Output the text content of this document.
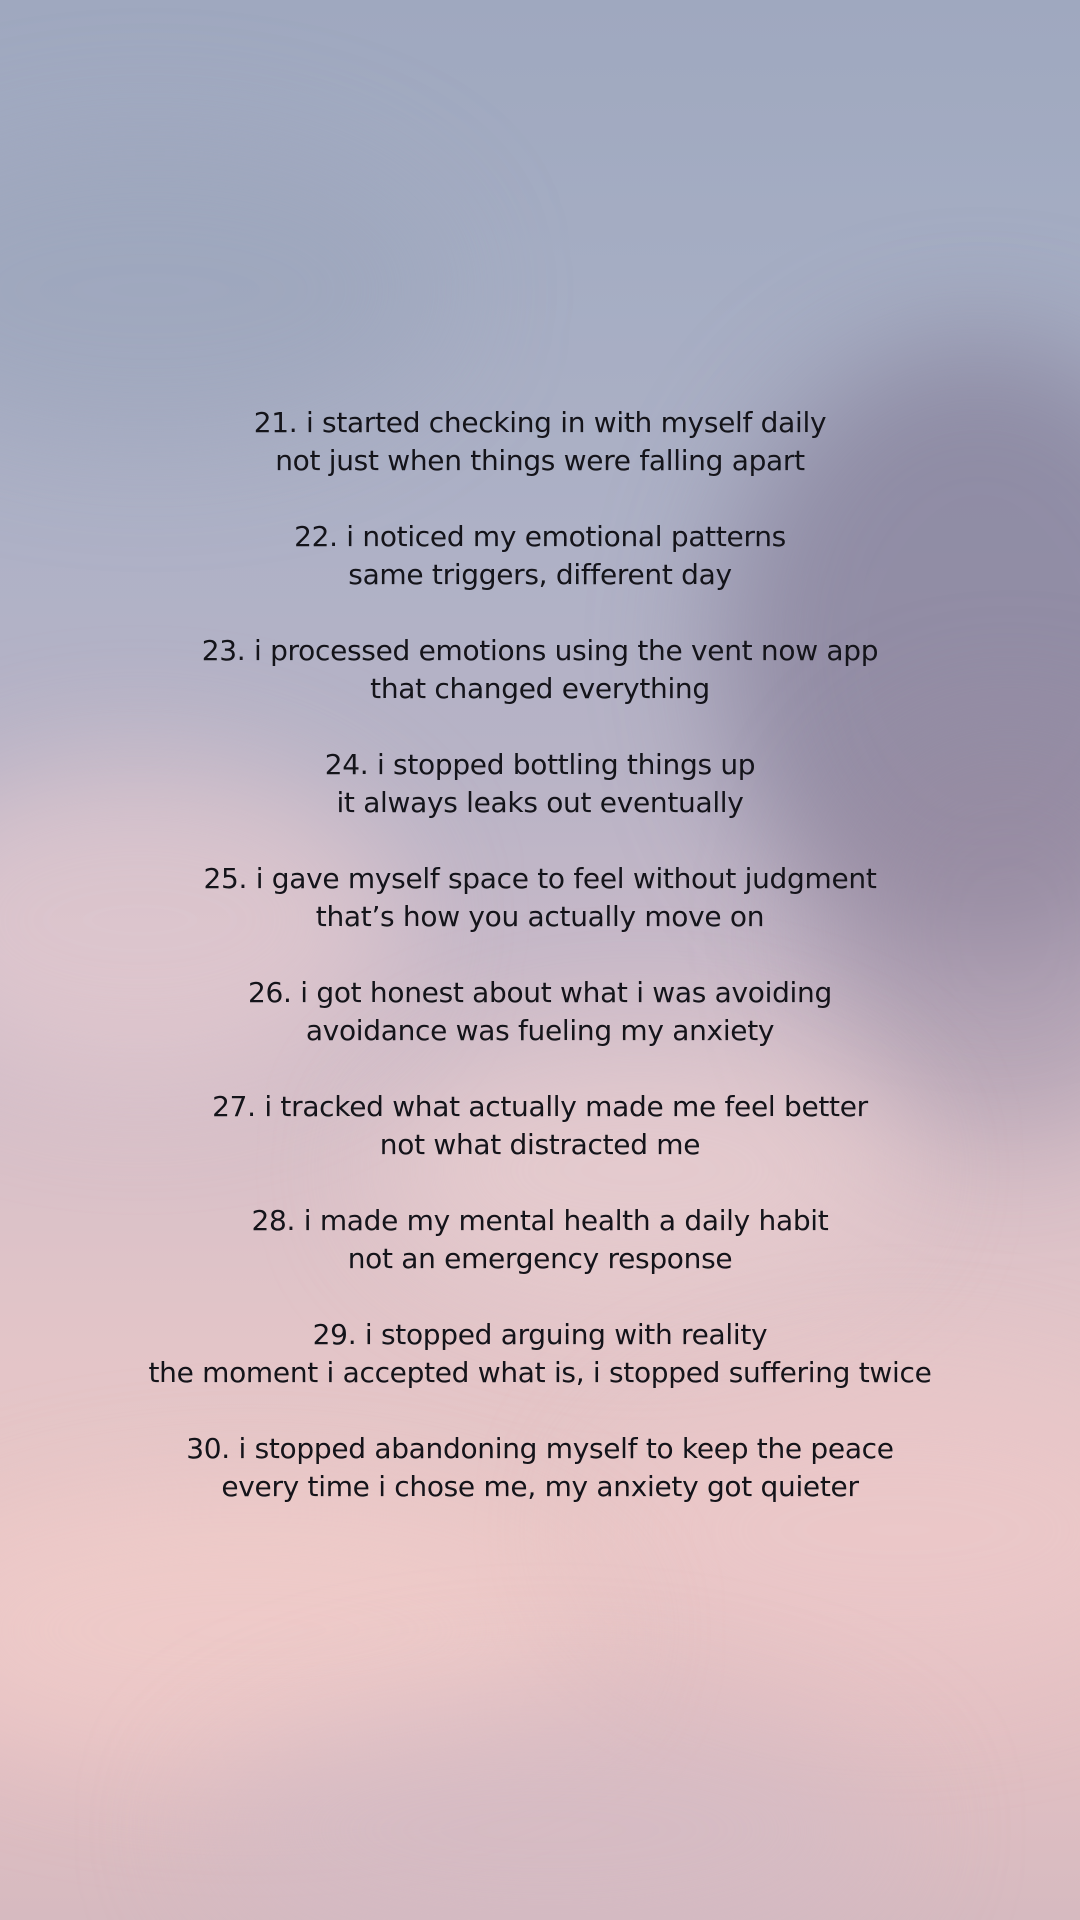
21. i started checking in with myself daily
not just when things were falling apart
22. i noticed my emotional patterns
same triggers, different day
23. i processed emotions using the vent now app
that changed everything
24. i stopped bottling things up
it always leaks out eventually
25. i gave myself space to feel without judgment
that’s how you actually move on
26. i got honest about what i was avoiding
avoidance was fueling my anxiety
27. i tracked what actually made me feel better
not what distracted me
28. i made my mental health a daily habit
not an emergency response
29. i stopped arguing with reality
the moment i accepted what is, i stopped suffering twice
30. i stopped abandoning myself to keep the peace
every time i chose me, my anxiety got quieter
